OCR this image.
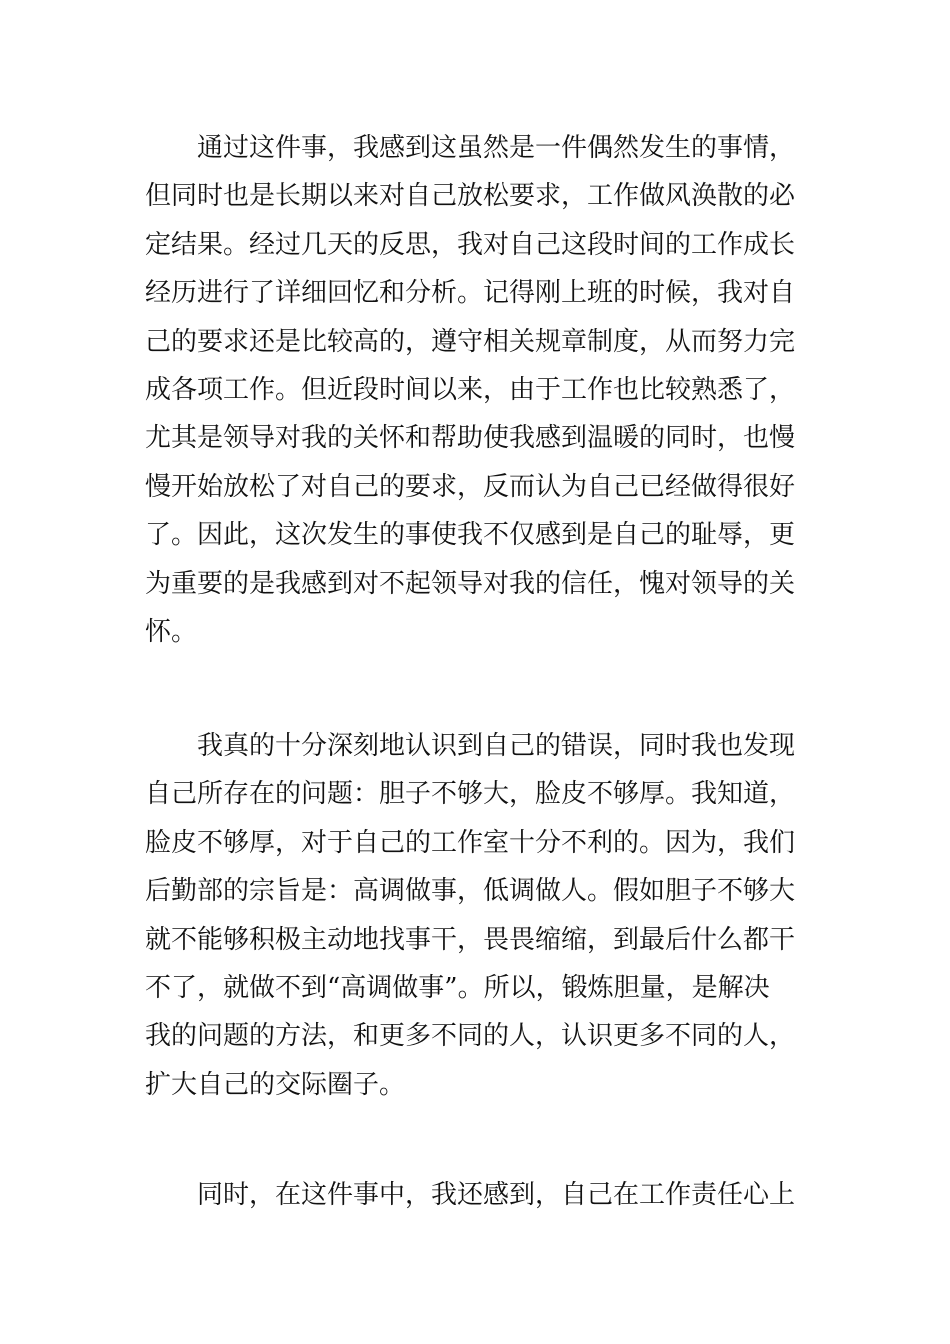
通过这件事，我感到这虽然是一件偶然发生的事情，
但同时也是长期以来对自己放松要求，工作做风涣散的必
定结果。经过几天的反思，我对自己这段时间的工作成长
经历进行了详细回忆和分析。记得刚上班的时候，我对自
己的要求还是比较高的，遵守相关规章制度，从而努力完
成各项工作。但近段时间以来，由于工作也比较熟悉了，
尤其是领导对我的关怀和帮助使我感到温暖的同时，也慢
慢开始放松了对自己的要求，反而认为自己已经做得很好
了。因此，这次发生的事使我不仅感到是自己的耻辱，更
为重要的是我感到对不起领导对我的信任，愧对领导的关
怀。
我真的十分深刻地认识到自己的错误，同时我也发现
自己所存在的问题：胆子不够大，脸皮不够厚。我知道，
脸皮不够厚，对于自己的工作室十分不利的。因为，我们
后勤部的宗旨是：高调做事，低调做人。假如胆子不够大
就不能够积极主动地找事干，畏畏缩缩，到最后什么都干
不了，就做不到“高调做事”。所以，锻炼胆量，是解决
我的问题的方法，和更多不同的人，认识更多不同的人，
扩大自己的交际圈子。
同时，在这件事中，我还感到，自己在工作责任心上
